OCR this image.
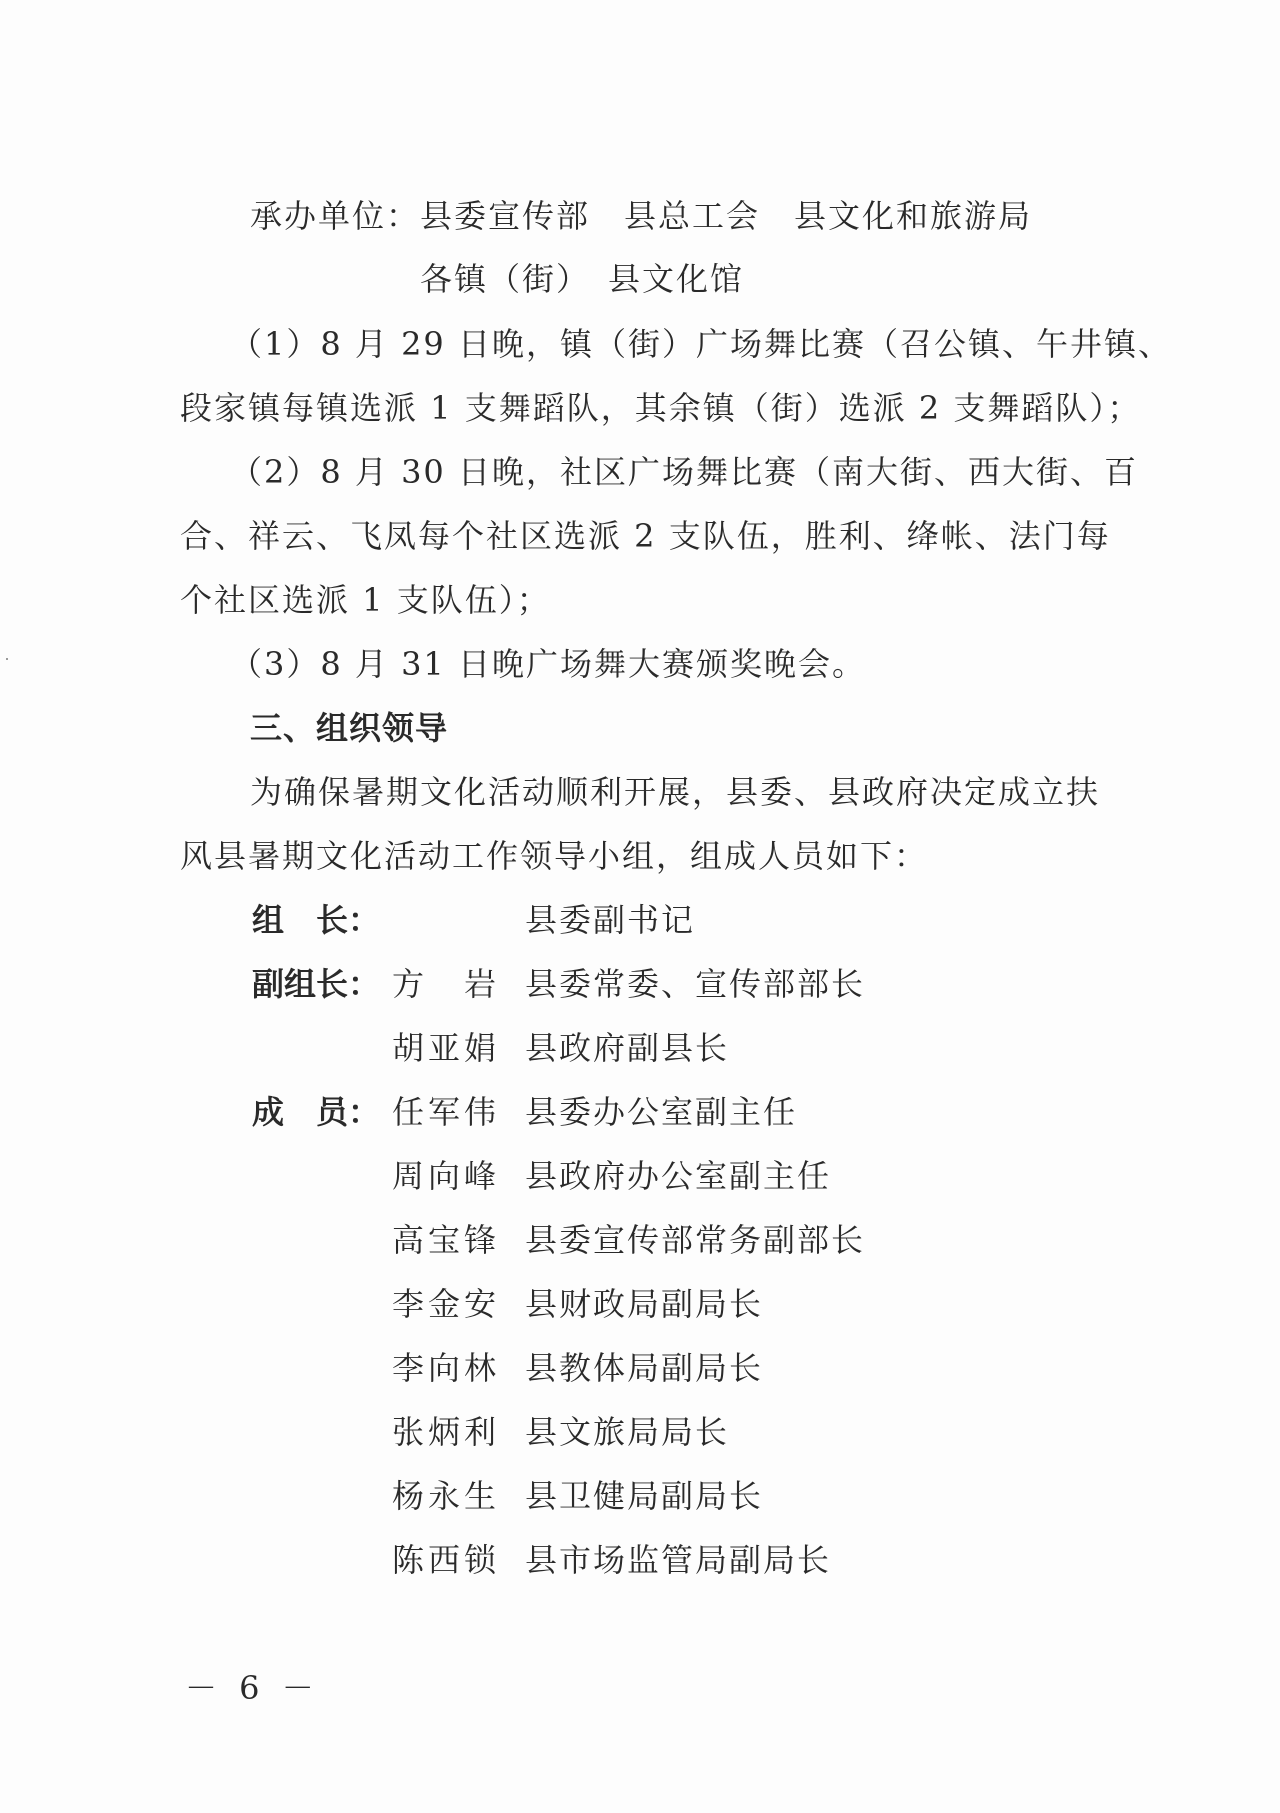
承办单位：县委宣传部　县总工会　县文化和旅游局
各镇（街）　县文化馆
（1）8 月 29 日晚，镇（街）广场舞比赛（召公镇、午井镇、
段家镇每镇选派 1 支舞蹈队，其余镇（街）选派 2 支舞蹈队）；
（2）8 月 30 日晚，社区广场舞比赛（南大街、西大街、百
合、祥云、飞凤每个社区选派 2 支队伍，胜利、绛帐、法门每
个社区选派 1 支队伍）；
（3）8 月 31 日晚广场舞大赛颁奖晚会。
三、组织领导
为确保暑期文化活动顺利开展，县委、县政府决定成立扶
风县暑期文化活动工作领导小组，组成人员如下：
组　长：	县委副书记
副组长： 方　岩 县委常委、宣传部部长
胡亚娟 县政府副县长
成　员： 任军伟 县委办公室副主任
周向峰 县政府办公室副主任
高宝锋 县委宣传部常务副部长
李金安 县财政局副局长
李向林 县教体局副局长
张炳利 县文旅局局长
杨永生 县卫健局副局长
陈西锁 县市场监管局副局长
－ 6 －
